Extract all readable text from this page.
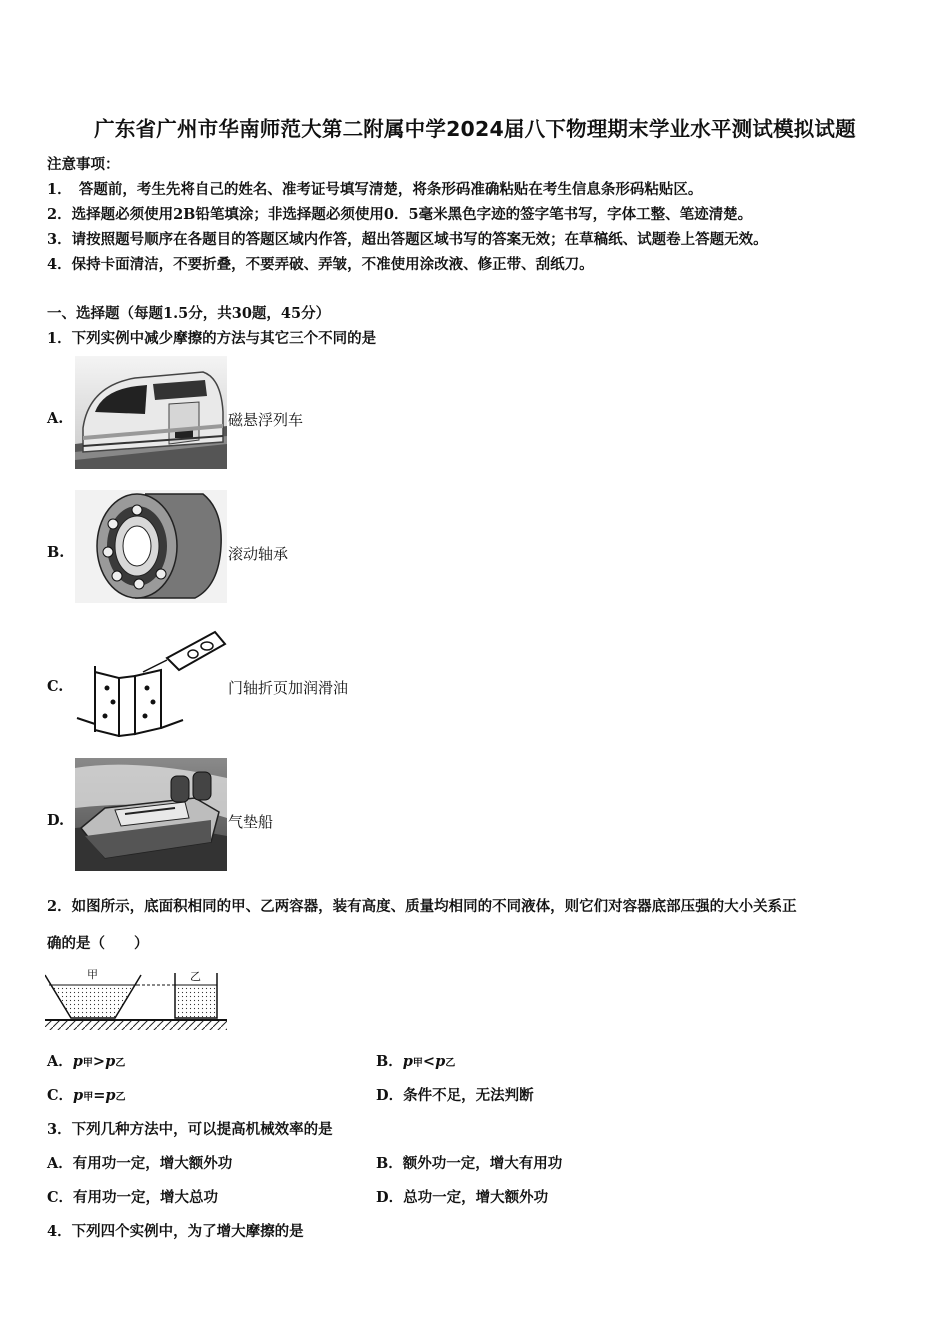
广东省广州市华南师范大第二附属中学2024届八下物理期末学业水平测试模拟试题
注意事项：
1．　答题前，考生先将自己的姓名、准考证号填写清楚，将条形码准确粘贴在考生信息条形码粘贴区。
2．选择题必须使用2B铅笔填涂；非选择题必须使用0．5毫米黑色字迹的签字笔书写，字体工整、笔迹清楚。
3．请按照题号顺序在各题目的答题区域内作答，超出答题区域书写的答案无效；在草稿纸、试题卷上答题无效。
4．保持卡面清洁，不要折叠，不要弄破、弄皱，不准使用涂改液、修正带、刮纸刀。
一、选择题（每题1.5分，共30题，45分）
1．下列实例中减少摩擦的方法与其它三个不同的是
A.	磁悬浮列车
B.	滚动轴承
C.	门轴折页加润滑油
D.	气垫船
2．如图所示，底面积相同的甲、乙两容器，装有高度、质量均相同的不同液体，则它们对容器底部压强的大小关系正
确的是（　　）
甲	乙
A．p甲>p乙	B．p甲<p乙
C．p甲=p乙	D．条件不足，无法判断
3．下列几种方法中，可以提高机械效率的是
A．有用功一定，增大额外功	B．额外功一定，增大有用功
C．有用功一定，增大总功	D．总功一定，增大额外功
4．下列四个实例中，为了增大摩擦的是
